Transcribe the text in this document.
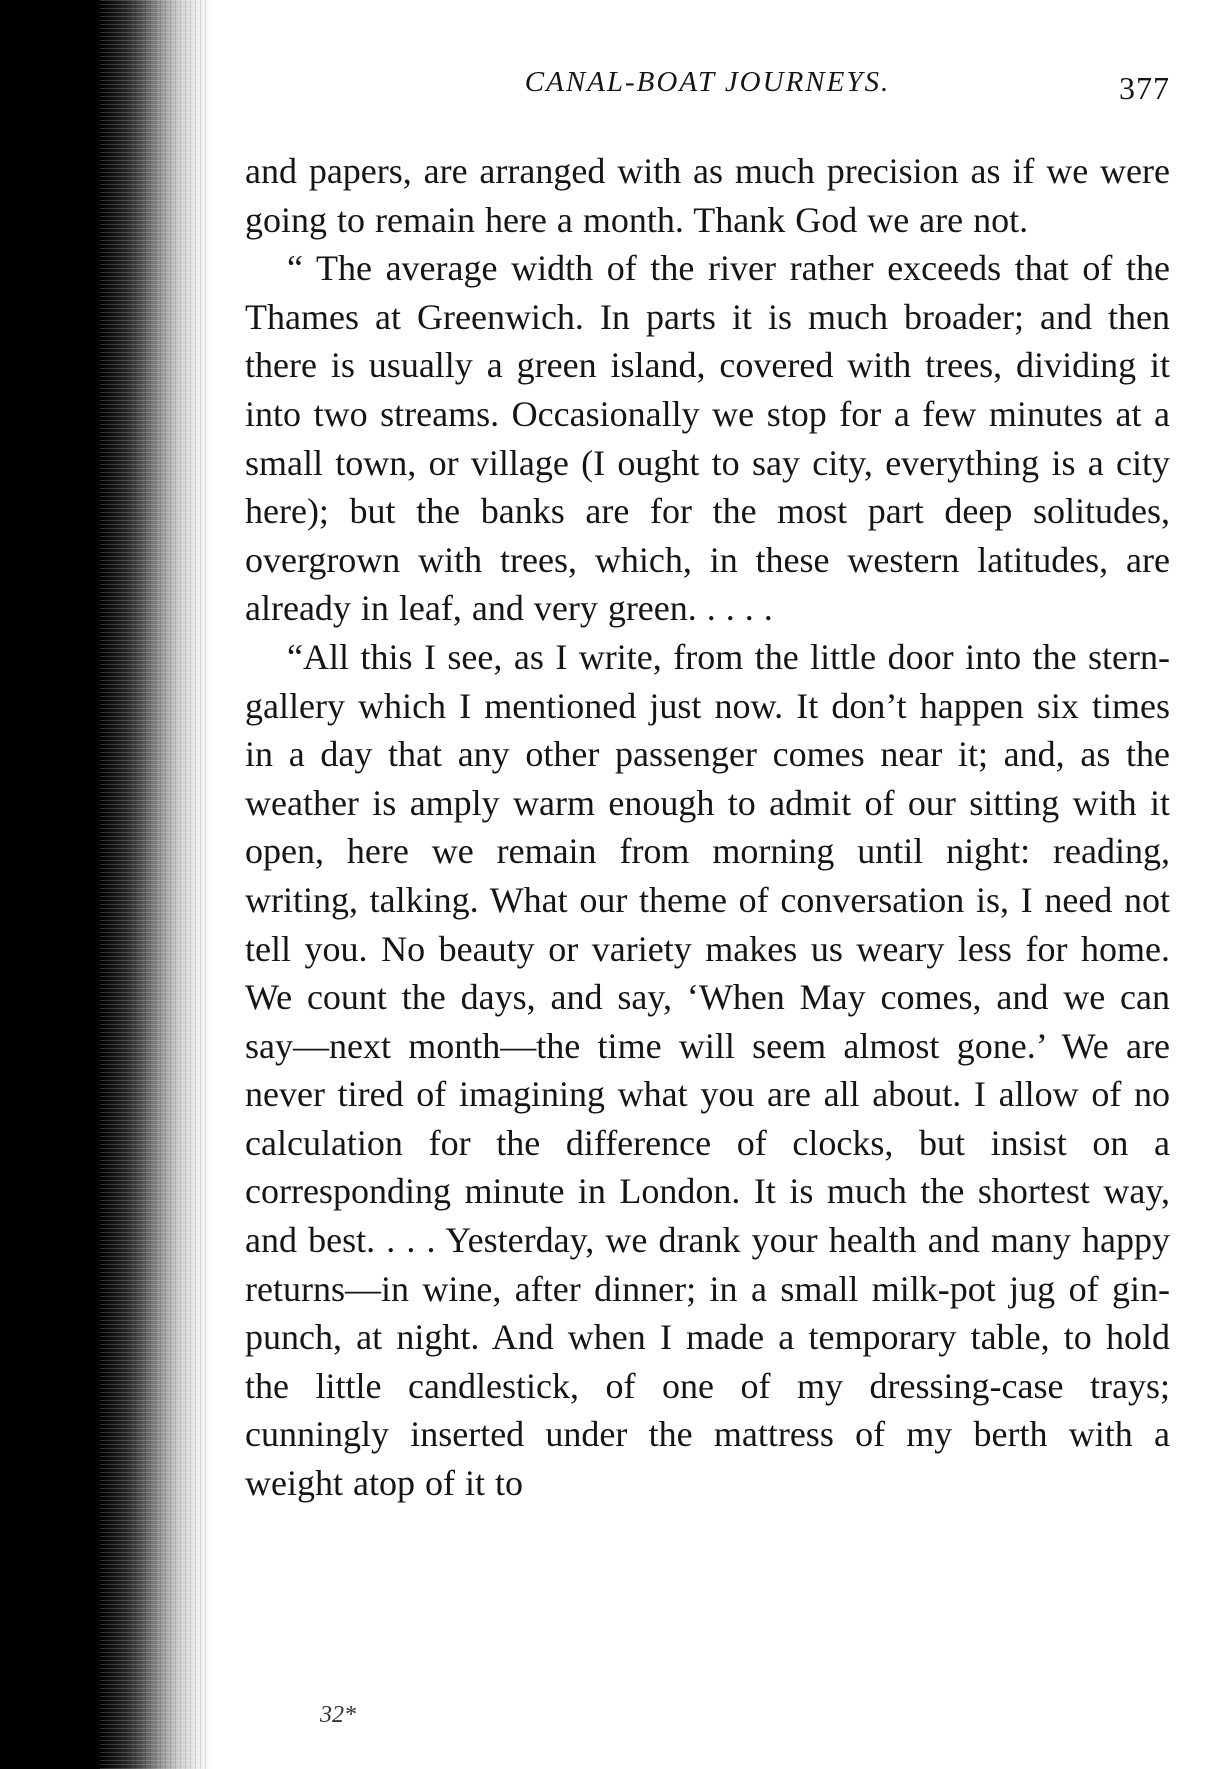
CANAL-BOAT JOURNEYS.	377

and papers, are arranged with as much precision as if we were going to remain here a month. Thank God we are not.

“ The average width of the river rather exceeds that of the Thames at Greenwich. In parts it is much broader; and then there is usually a green island, covered with trees, dividing it into two streams. Occasionally we stop for a few minutes at a small town, or village (I ought to say city, everything is a city here); but the banks are for the most part deep solitudes, overgrown with trees, which, in these western latitudes, are already in leaf, and very green. . . . .

“All this I see, as I write, from the little door into the stern-gallery which I mentioned just now. It don’t happen six times in a day that any other passenger comes near it; and, as the weather is amply warm enough to admit of our sitting with it open, here we remain from morning until night: reading, writing, talking. What our theme of conversation is, I need not tell you. No beauty or variety makes us weary less for home. We count the days, and say, ‘When May comes, and we can say—next month—the time will seem almost gone.’ We are never tired of imagining what you are all about. I allow of no calculation for the difference of clocks, but insist on a corresponding minute in London. It is much the shortest way, and best. . . . Yesterday, we drank your health and many happy returns—in wine, after dinner; in a small milk-pot jug of gin-punch, at night. And when I made a temporary table, to hold the little candlestick, of one of my dressing-case trays; cunningly inserted under the mattress of my berth with a weight atop of it to

32*
